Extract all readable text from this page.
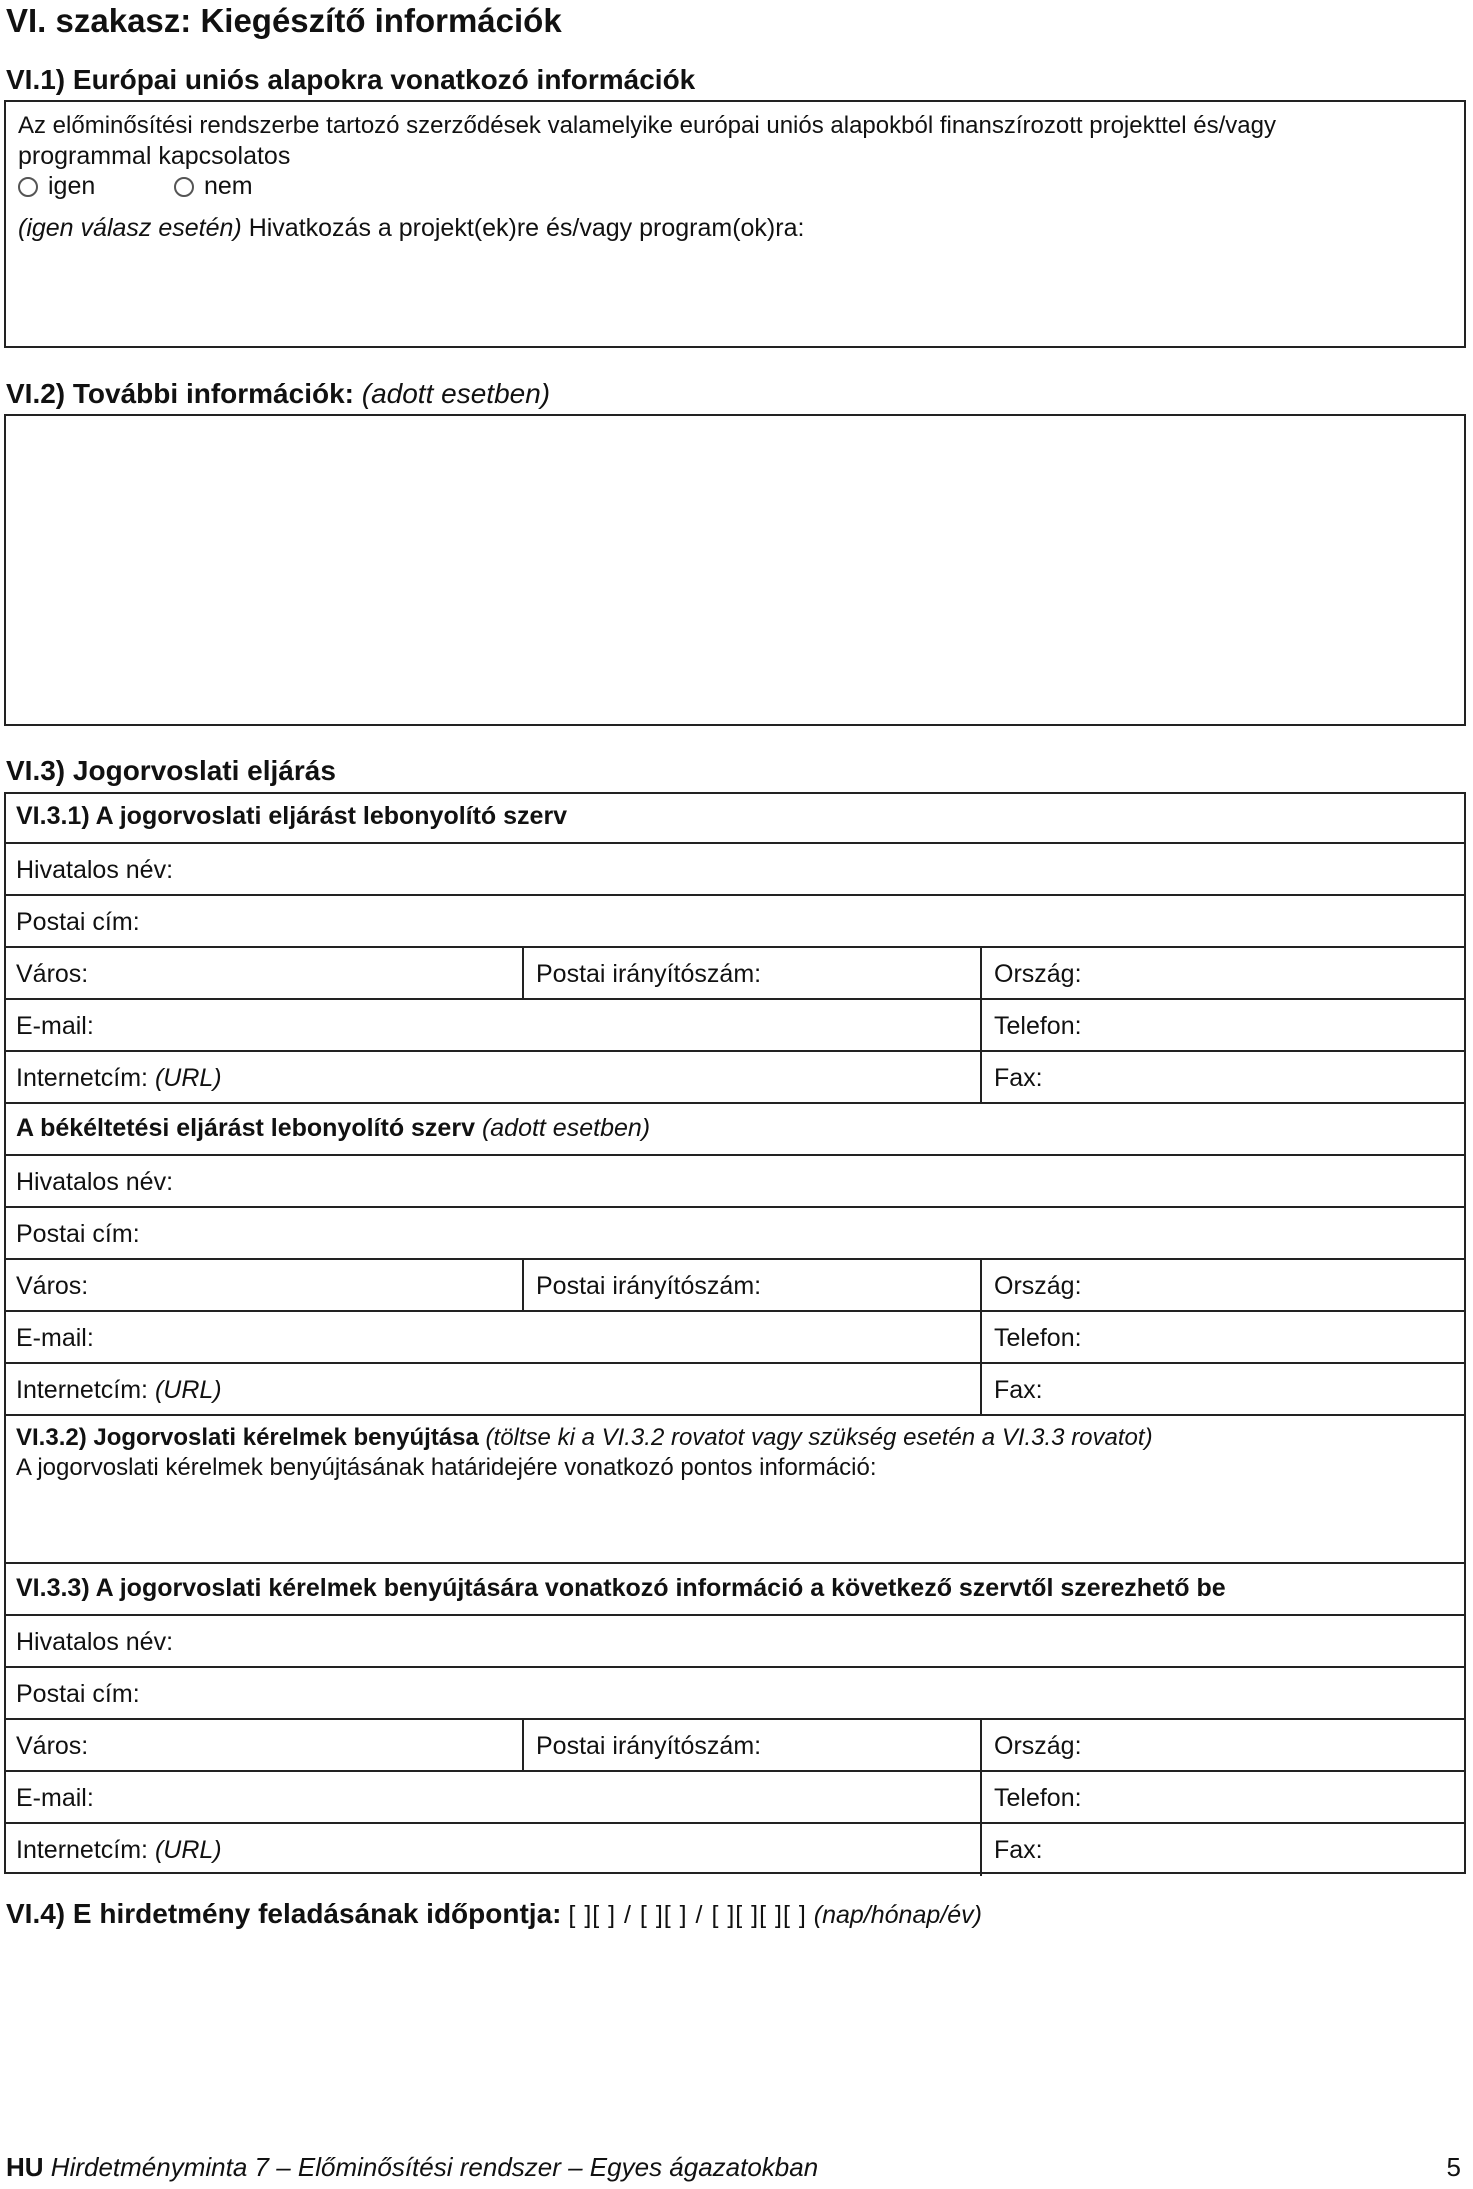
VI. szakasz: Kiegészítő információk
VI.1) Európai uniós alapokra vonatkozó információk
Az előminősítési rendszerbe tartozó szerződések valamelyike európai uniós alapokból finanszírozott projekttel és/vagy
programmal kapcsolatos
igen	nem
(igen válasz esetén) Hivatkozás a projekt(ek)re és/vagy program(ok)ra:
VI.2) További információk: (adott esetben)
VI.3) Jogorvoslati eljárás
VI.3.1) A jogorvoslati eljárást lebonyolító szerv
Hivatalos név:
Postai cím:
Város:	Postai irányítószám:	Ország:
E-mail:	Telefon:
Internetcím: (URL)	Fax:
A békéltetési eljárást lebonyolító szerv (adott esetben)
Hivatalos név:
Postai cím:
Város:	Postai irányítószám:	Ország:
E-mail:	Telefon:
Internetcím: (URL)	Fax:
VI.3.2) Jogorvoslati kérelmek benyújtása (töltse ki a VI.3.2 rovatot vagy szükség esetén a VI.3.3 rovatot)
A jogorvoslati kérelmek benyújtásának határidejére vonatkozó pontos információ:
VI.3.3) A jogorvoslati kérelmek benyújtására vonatkozó információ a következő szervtől szerezhető be
Hivatalos név:
Postai cím:
Város:	Postai irányítószám:	Ország:
E-mail:	Telefon:
Internetcím: (URL)	Fax:
VI.4) E hirdetmény feladásának időpontja: [ ][ ] / [ ][ ] / [ ][ ][ ][ ] (nap/hónap/év)
HU Hirdetményminta 7 – Előminősítési rendszer – Egyes ágazatokban	5
